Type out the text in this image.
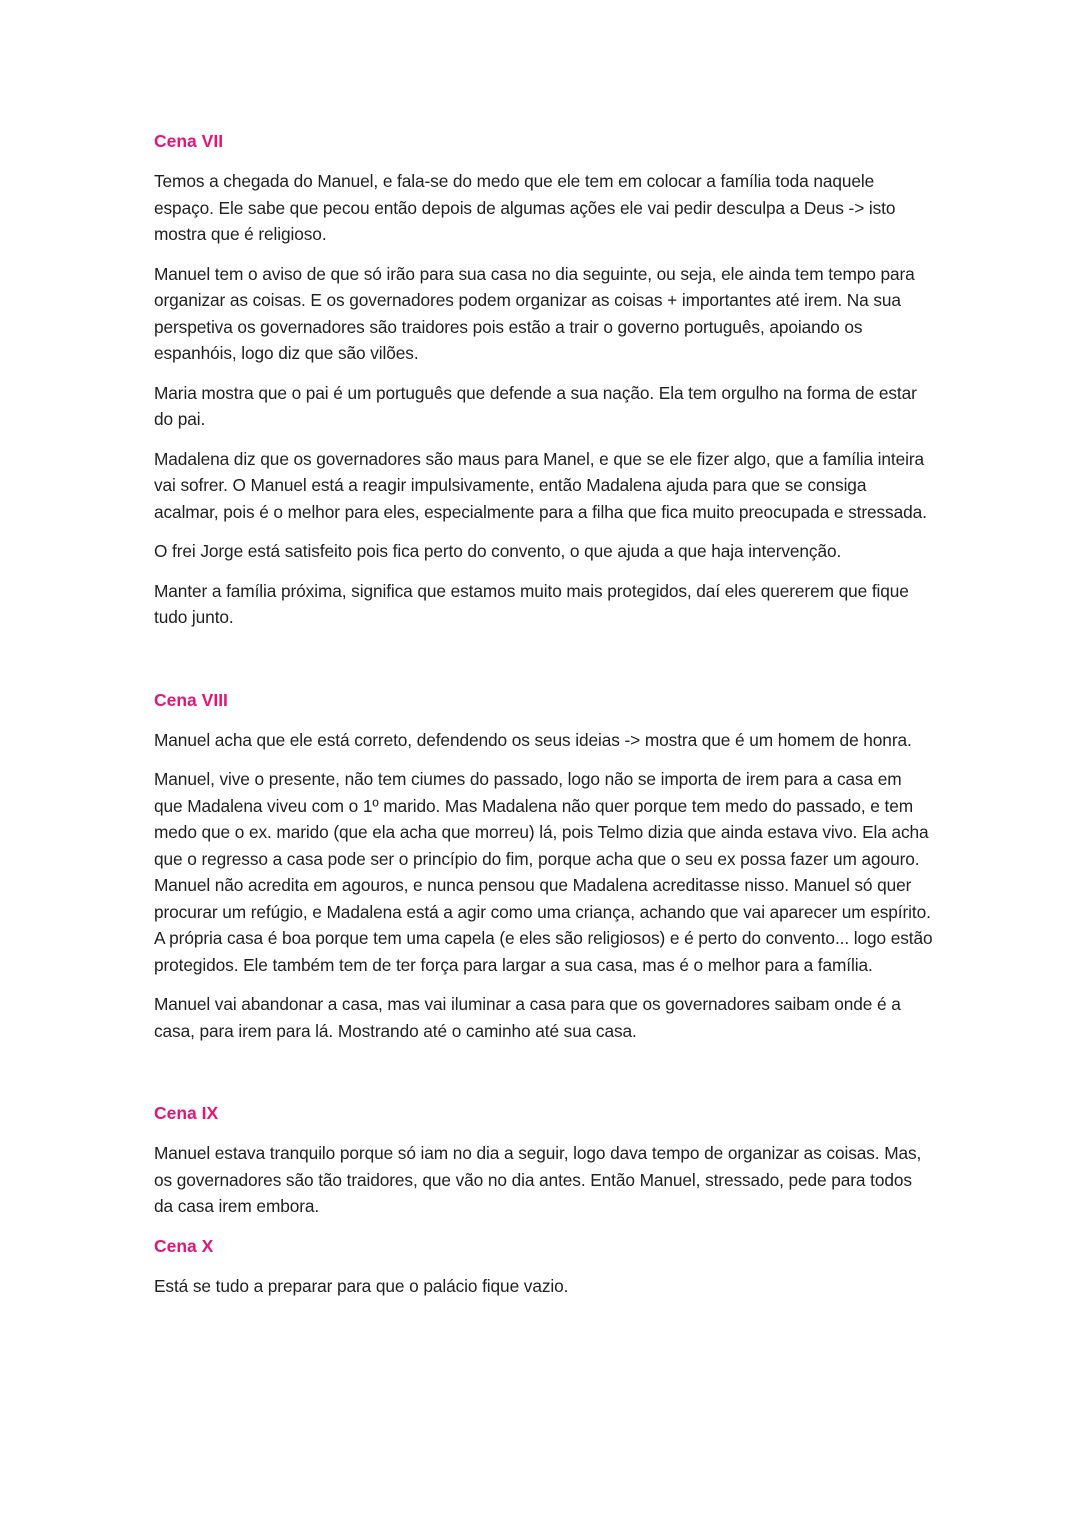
Cena VII

Temos a chegada do Manuel, e fala-se do medo que ele tem em colocar a família toda naquele espaço. Ele sabe que pecou então depois de algumas ações ele vai pedir desculpa a Deus -> isto mostra que é religioso.

Manuel tem o aviso de que só irão para sua casa no dia seguinte, ou seja, ele ainda tem tempo para organizar as coisas. E os governadores podem organizar as coisas + importantes até irem. Na sua perspetiva os governadores são traidores pois estão a trair o governo português, apoiando os espanhóis, logo diz que são vilões.

Maria mostra que o pai é um português que defende a sua nação. Ela tem orgulho na forma de estar do pai.

Madalena diz que os governadores são maus para Manel, e que se ele fizer algo, que a família inteira vai sofrer. O Manuel está a reagir impulsivamente, então Madalena ajuda para que se consiga acalmar, pois é o melhor para eles, especialmente para a filha que fica muito preocupada e stressada.

O frei Jorge está satisfeito pois fica perto do convento, o que ajuda a que haja intervenção.

Manter a família próxima, significa que estamos muito mais protegidos, daí eles quererem que fique tudo junto.

Cena VIII

Manuel acha que ele está correto, defendendo os seus ideias -> mostra que é um homem de honra.

Manuel, vive o presente, não tem ciumes do passado, logo não se importa de irem para a casa em que Madalena viveu com o 1º marido. Mas Madalena não quer porque tem medo do passado, e tem medo que o ex. marido (que ela acha que morreu) lá, pois Telmo dizia que ainda estava vivo. Ela acha que o regresso a casa pode ser o princípio do fim, porque acha que o seu ex possa fazer um agouro. Manuel não acredita em agouros, e nunca pensou que Madalena acreditasse nisso. Manuel só quer procurar um refúgio, e Madalena está a agir como uma criança, achando que vai aparecer um espírito. A própria casa é boa porque tem uma capela (e eles são religiosos) e é perto do convento... logo estão protegidos. Ele também tem de ter força para largar a sua casa, mas é o melhor para a família.

Manuel vai abandonar a casa, mas vai iluminar a casa para que os governadores saibam onde é a casa, para irem para lá. Mostrando até o caminho até sua casa.

Cena IX

Manuel estava tranquilo porque só iam no dia a seguir, logo dava tempo de organizar as coisas. Mas, os governadores são tão traidores, que vão no dia antes. Então Manuel, stressado, pede para todos da casa irem embora.

Cena X

Está se tudo a preparar para que o palácio fique vazio.
